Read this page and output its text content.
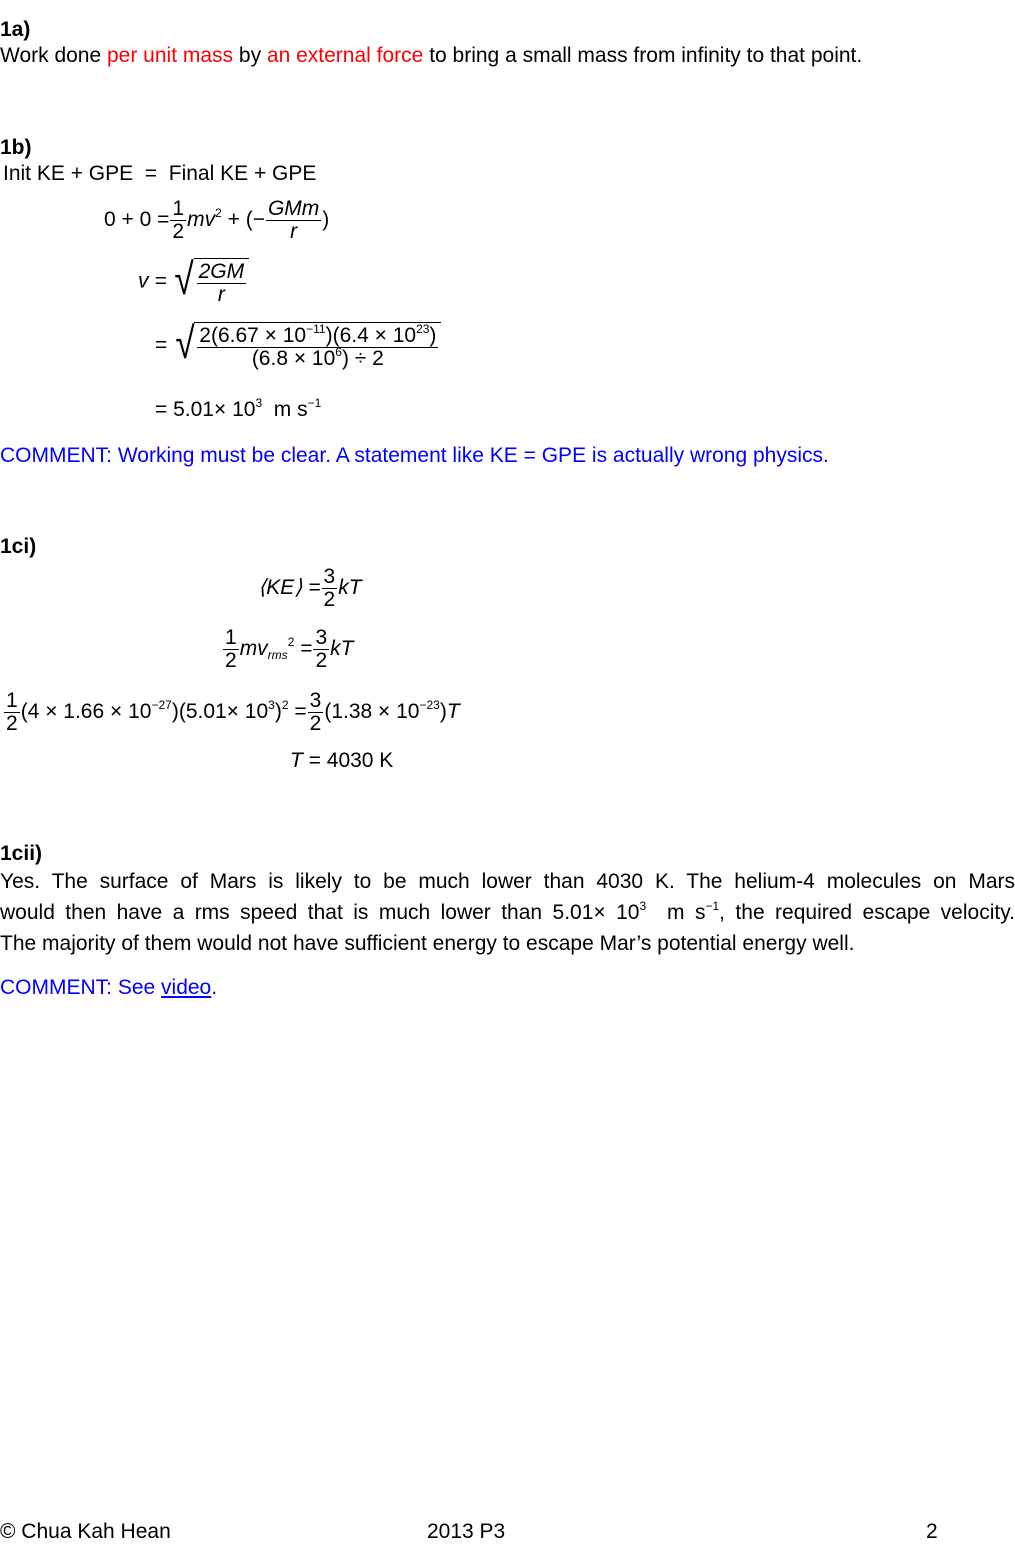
1a)
Work done per unit mass by an external force to bring a small mass from infinity to that point.
1b)
Init KE + GPE  =  Final KE + GPE
$0 + 0 = \frac{1}{2} mv^2$ + (− $\frac{\text{GMm}}{r}$ )
v = √ $\frac{2GM}{r}$
= √ $\frac{2(6.67 \times 10^{-11})(6.4 \times 10^{23})}{(6.8 \times 10^6) \div 2}$
= $5.01\times 10^3$  m $s^{-1}$
COMMENT: Working must be clear. A statement like KE = GPE is actually wrong physics.
1ci)
⟨KE⟩ = $\frac{3}{2}$ kT
$\frac{1}{2} mv_{rms}^2 = \frac{3}{2}$ kT
$\frac{1}{2} (4 \times 1.66 \times 10^{-27})(5.01\times 10^3)^2 = \frac{3}{2} (1.38 \times 10^{-23})T$
T = 4030 K
1cii)
Yes. The surface of Mars is likely to be much lower than 4030 K. The helium-4 molecules on Mars
would then have a rms speed that is much lower than $5.01\times 10^3$  m $s^{-1}$, the required escape velocity.
The majority of them would not have sufficient energy to escape Mar’s potential energy well.
COMMENT: See video.
© Chua Kah Hean	2013 P3	2
